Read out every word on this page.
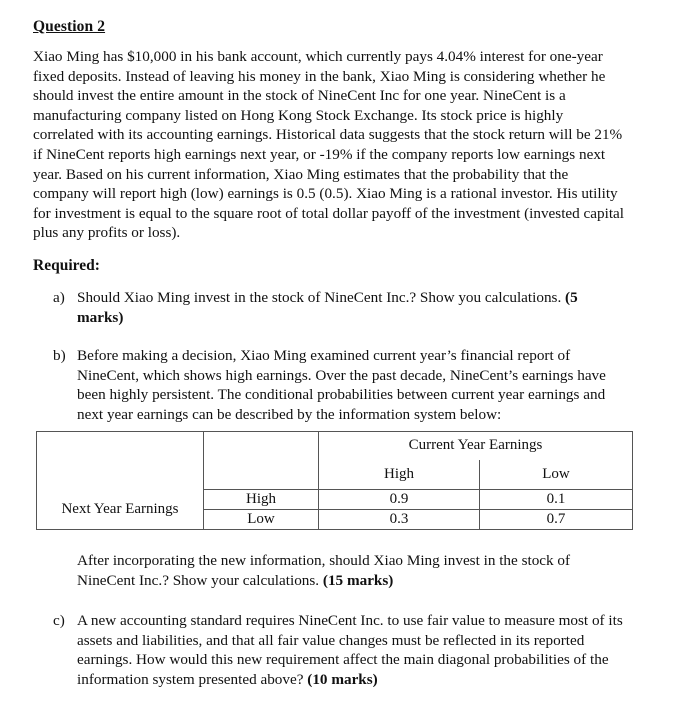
Question 2
Xiao Ming has $10,000 in his bank account, which currently pays 4.04% interest for one-year
fixed deposits. Instead of leaving his money in the bank, Xiao Ming is considering whether he
should invest the entire amount in the stock of NineCent Inc for one year. NineCent is a
manufacturing company listed on Hong Kong Stock Exchange. Its stock price is highly
correlated with its accounting earnings. Historical data suggests that the stock return will be 21%
if NineCent reports high earnings next year, or -19% if the company reports low earnings next
year. Based on his current information, Xiao Ming estimates that the probability that the
company will report high (low) earnings is 0.5 (0.5). Xiao Ming is a rational investor. His utility
for investment is equal to the square root of total dollar payoff of the investment (invested capital
plus any profits or loss).
Required:
a) Should Xiao Ming invest in the stock of NineCent Inc.? Show you calculations. (5
marks)
b) Before making a decision, Xiao Ming examined current year’s financial report of
NineCent, which shows high earnings. Over the past decade, NineCent’s earnings have
been highly persistent. The conditional probabilities between current year earnings and
next year earnings can be described by the information system below:
		Current Year Earnings	
		High	Low
Next Year Earnings	High	0.9	0.1
	Low	0.3	0.7
After incorporating the new information, should Xiao Ming invest in the stock of
NineCent Inc.? Show your calculations. (15 marks)
c) A new accounting standard requires NineCent Inc. to use fair value to measure most of its
assets and liabilities, and that all fair value changes must be reflected in its reported
earnings. How would this new requirement affect the main diagonal probabilities of the
information system presented above? (10 marks)
